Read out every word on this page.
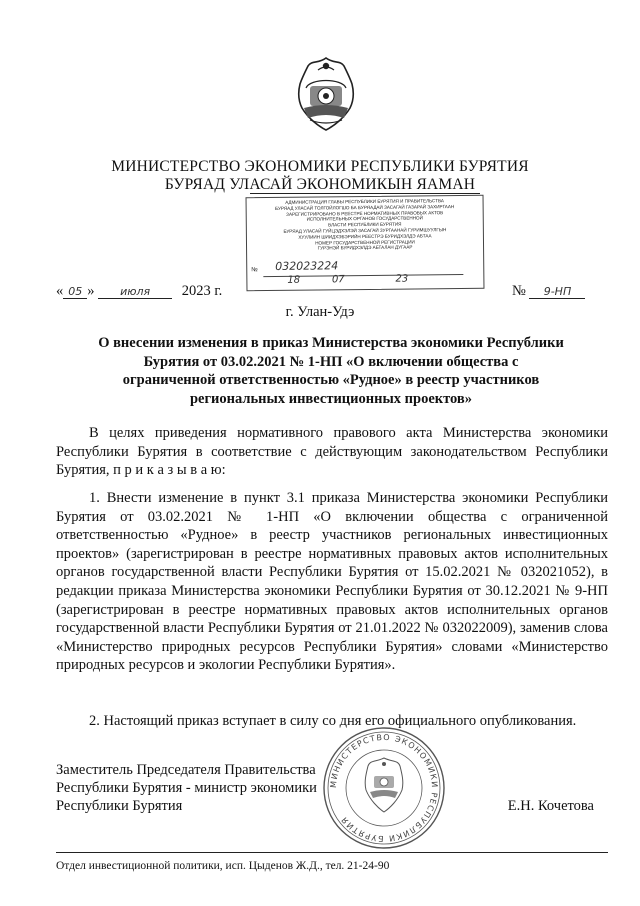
МИНИСТЕРСТВО ЭКОНОМИКИ РЕСПУБЛИКИ БУРЯТИЯ
БУРЯАД УЛАСАЙ ЭКОНОМИКЫН ЯАМАН
АДМИНИСТРАЦИЯ ГЛАВЫ РЕСПУБЛИКИ БУРЯТИЯ И ПРАВИТЕЛЬСТВА
БУРЯАД УЛАСАЙ ТОЛГОЙЛОГШО БА БУРЯАДАЙ ЗАСАГАЙ ГАЗАРАЙ ЗАХИРГААН
ЗАРЕГИСТРИРОВАНО В РЕЕСТРЕ НОРМАТИВНЫХ ПРАВОВЫХ АКТОВ
ИСПОЛНИТЕЛЬНЫХ ОРГАНОВ ГОСУДАРСТВЕННОЙ
ВЛАСТИ РЕСПУБЛИКИ БУРЯТИЯ
БУРЯАД УЛАСАЙ ГУЙЦЭДХЭЛЭЙ ЗАСАГАЙ ЗУРГААНАЙ ГУРИМШУУЛГЫН
ХУУЛИИН ШИИДХЭБЭРИЙН РЕЕСТРЭ БУРИДХЭЛДЭ АБТАА
НОМЕР ГОСУДАРСТВЕННОЙ РЕГИСТРАЦИИ
ГУРЭНЭЙ БУРИДХЭЛДЭ АБТАЛАН ДУГААР
№ 032023224
18	07	23
« 05 » июля 2023 г.	№ 9-НП
г. Улан-Удэ
О внесении изменения в приказ Министерства экономики Республики Бурятия от 03.02.2021 № 1-НП «О включении общества с ограниченной ответственностью «Рудное» в реестр участников региональных инвестиционных проектов»
В целях приведения нормативного правового акта Министерства экономики Республики Бурятия в соответствие с действующим законодательством Республики Бурятия, п р и к а з ы в а ю:
1. Внести изменение в пункт 3.1 приказа Министерства экономики Республики Бурятия от 03.02.2021 № 1-НП «О включении общества с ограниченной ответственностью «Рудное» в реестр участников региональных инвестиционных проектов» (зарегистрирован в реестре нормативных правовых актов исполнительных органов государственной власти Республики Бурятия от 15.02.2021 № 032021052), в редакции приказа Министерства экономики Республики Бурятия от 30.12.2021 № 9-НП (зарегистрирован в реестре нормативных правовых актов исполнительных органов государственной власти Республики Бурятия от 21.01.2022 № 032022009), заменив слова «Министерство природных ресурсов Республики Бурятия» словами «Министерство природных ресурсов и экологии Республики Бурятия».
2. Настоящий приказ вступает в силу со дня его официального опубликования.
МИНИСТЕРСТВО ЭКОНОМИКИ РЕСПУБЛИКИ БУРЯТИЯ
Заместитель Председателя Правительства
Республики Бурятия - министр экономики
Республики Бурятия	Е.Н. Кочетова
Отдел инвестиционной политики, исп. Цыденов Ж.Д., тел. 21-24-90
